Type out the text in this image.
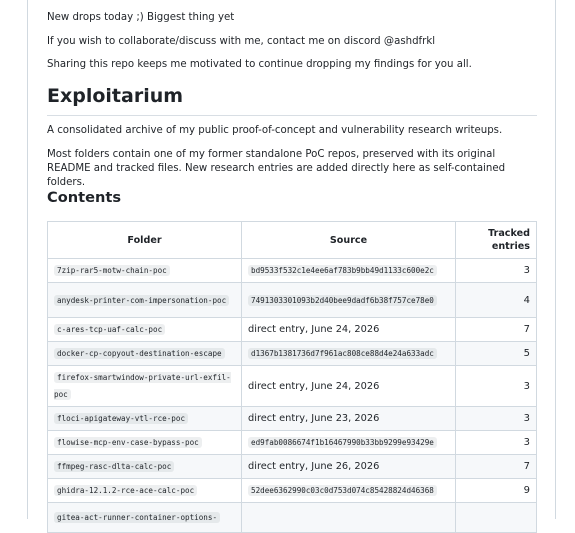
New drops today ;) Biggest thing yet

If you wish to collaborate/discuss with me, contact me on discord @ashdfrkl

Sharing this repo keeps me motivated to continue dropping my findings for you all.

Exploitarium

A consolidated archive of my public proof-of-concept and vulnerability research writeups.

Most folders contain one of my former standalone PoC repos, preserved with its original README and tracked files. New research entries are added directly here as self-contained folders.

Contents
Folder	Source	Tracked entries
7zip-rar5-motw-chain-poc	bd9533f532c1e4ee6af783b9bb49d1133c600e2c	3
anydesk-printer-com-impersonation-poc	7491303301093b2d40bee9dadf6b38f757ce78e0	4
c-ares-tcp-uaf-calc-poc	direct entry, June 24, 2026	7
docker-cp-copyout-destination-escape	d1367b1381736d7f961ac808ce88d4e24a633adc	5
firefox-smartwindow-private-url-exfil-poc	direct entry, June 24, 2026	3
floci-apigateway-vtl-rce-poc	direct entry, June 23, 2026	3
flowise-mcp-env-case-bypass-poc	ed9fab0086674f1b16467990b33bb9299e93429e	3
ffmpeg-rasc-dlta-calc-poc	direct entry, June 26, 2026	7
ghidra-12.1.2-rce-ace-calc-poc	52dee6362990c03c0d753d074c85428824d46368	9
gitea-act-runner-container-options-		
